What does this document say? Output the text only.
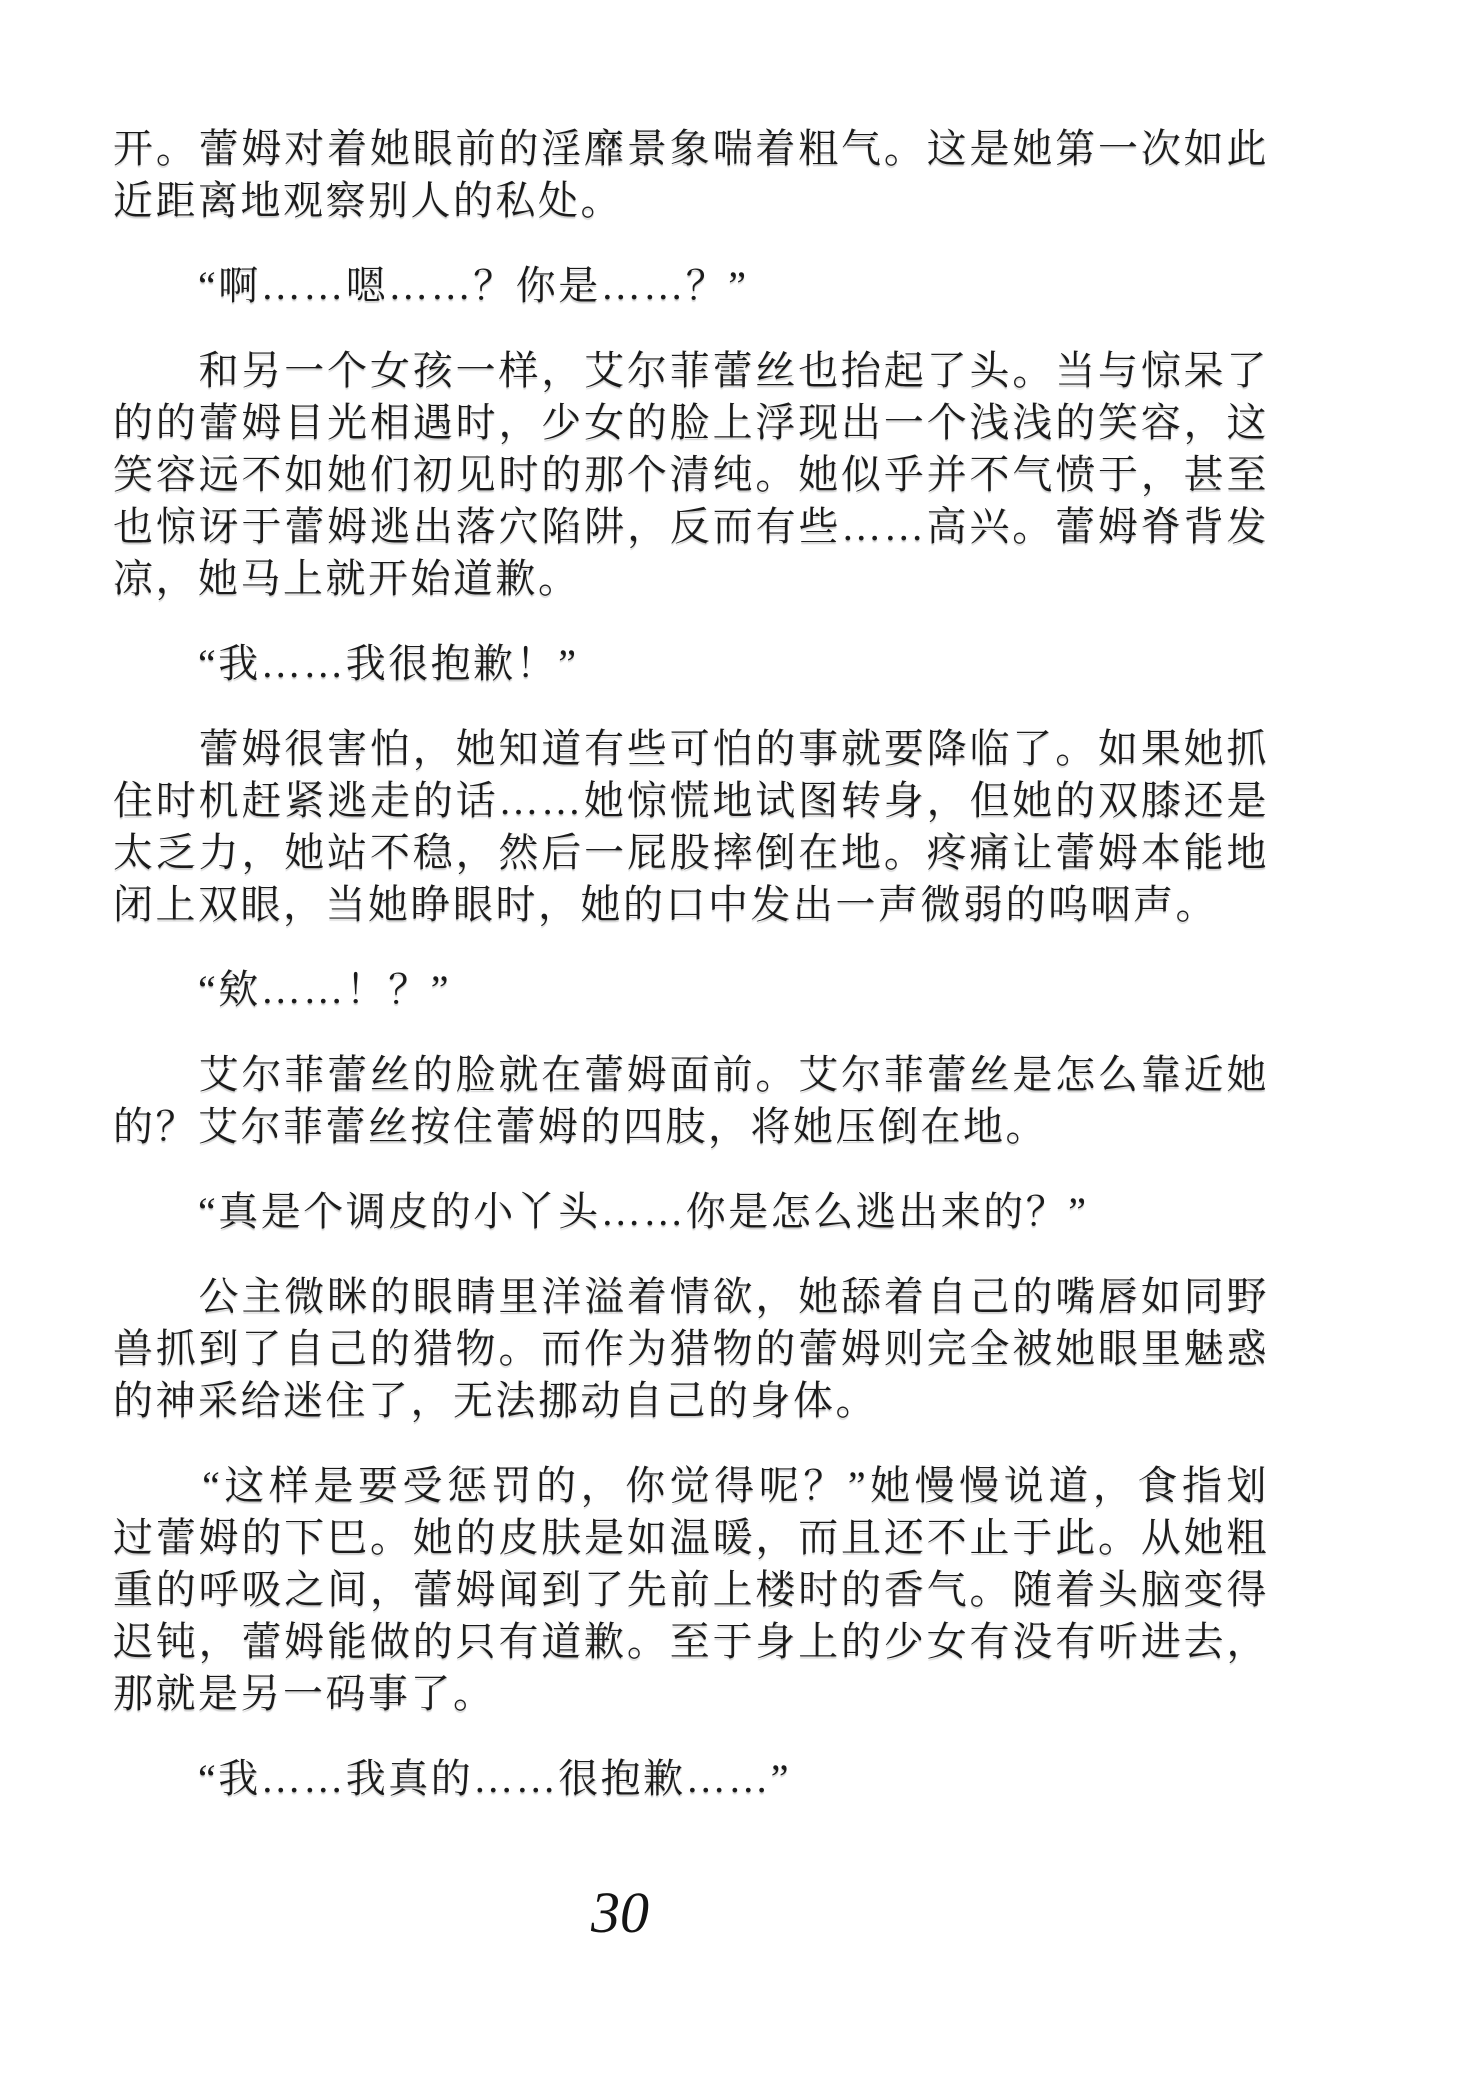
开。蕾姆对着她眼前的淫靡景象喘着粗气。这是她第一次如此
近距离地观察别人的私处。
　　“啊……嗯……？你是……？”
　　和另一个女孩一样，艾尔菲蕾丝也抬起了头。当与惊呆了
的的蕾姆目光相遇时，少女的脸上浮现出一个浅浅的笑容，这
笑容远不如她们初见时的那个清纯。她似乎并不气愤于，甚至
也惊讶于蕾姆逃出落穴陷阱，反而有些……高兴。蕾姆脊背发
凉，她马上就开始道歉。
　　“我……我很抱歉！”
　　蕾姆很害怕，她知道有些可怕的事就要降临了。如果她抓
住时机赶紧逃走的话……她惊慌地试图转身，但她的双膝还是
太乏力，她站不稳，然后一屁股摔倒在地。疼痛让蕾姆本能地
闭上双眼，当她睁眼时，她的口中发出一声微弱的呜咽声。
　　“欸……！？”
　　艾尔菲蕾丝的脸就在蕾姆面前。艾尔菲蕾丝是怎么靠近她
的？艾尔菲蕾丝按住蕾姆的四肢，将她压倒在地。
　　“真是个调皮的小丫头……你是怎么逃出来的？”
　　公主微眯的眼睛里洋溢着情欲，她舔着自己的嘴唇如同野
兽抓到了自己的猎物。而作为猎物的蕾姆则完全被她眼里魅惑
的神采给迷住了，无法挪动自己的身体。
　　“这样是要受惩罚的，你觉得呢？”她慢慢说道，食指划
过蕾姆的下巴。她的皮肤是如温暖，而且还不止于此。从她粗
重的呼吸之间，蕾姆闻到了先前上楼时的香气。随着头脑变得
迟钝，蕾姆能做的只有道歉。至于身上的少女有没有听进去，
那就是另一码事了。
　　“我……我真的……很抱歉……”
30
